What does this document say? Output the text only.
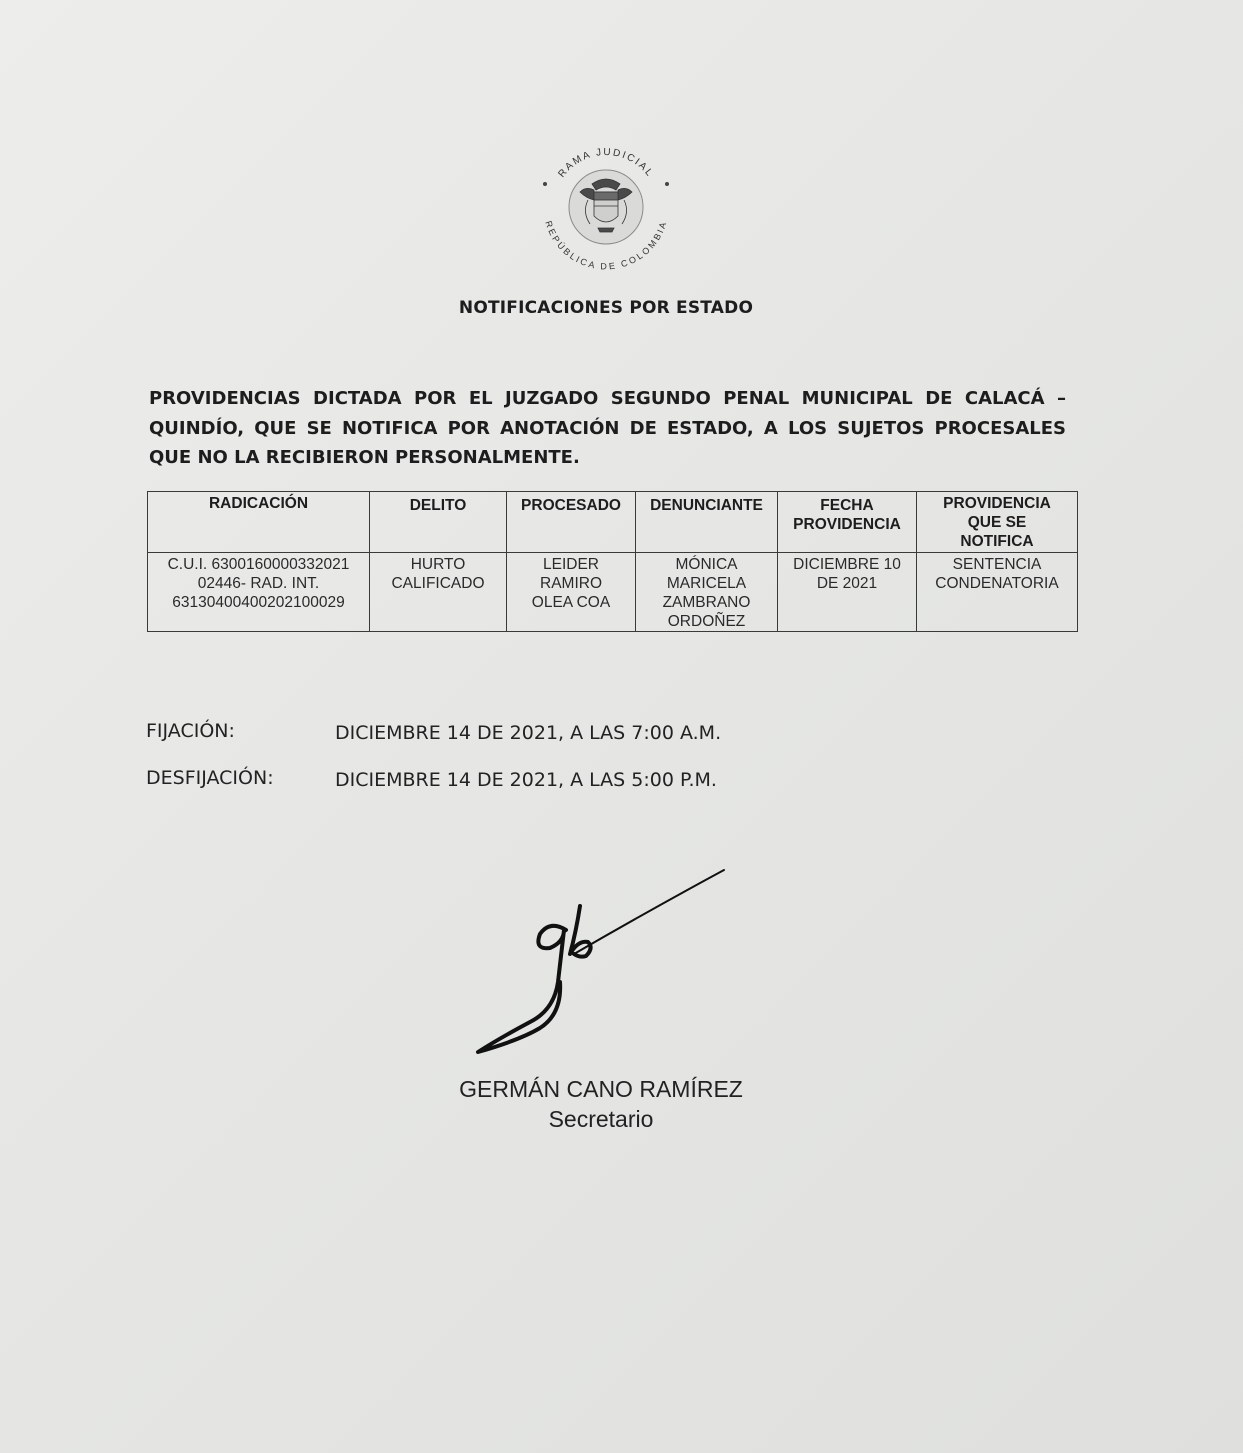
RAMA JUDICIAL
REPÚBLICA DE COLOMBIA
NOTIFICACIONES POR ESTADO

PROVIDENCIAS DICTADA POR EL JUZGADO SEGUNDO PENAL MUNICIPAL DE CALACÁ – QUINDÍO, QUE SE NOTIFICA POR ANOTACIÓN DE ESTADO, A LOS SUJETOS PROCESALES QUE NO LA RECIBIERON PERSONALMENTE.

RADICACIÓN	DELITO	PROCESADO	DENUNCIANTE	FECHA PROVIDENCIA	PROVIDENCIA QUE SE NOTIFICA
C.U.I. 6300160000332021 02446- RAD. INT. 63130400400202100029	HURTO CALIFICADO	LEIDER RAMIRO OLEA COA	MÓNICA MARICELA ZAMBRANO ORDOÑEZ	DICIEMBRE 10 DE 2021	SENTENCIA CONDENATORIA
FIJACIÓN:	DICIEMBRE 14 DE 2021, A LAS 7:00 A.M.
DESFIJACIÓN:	DICIEMBRE 14 DE 2021, A LAS 5:00 P.M.
GERMÁN CANO RAMÍREZ
Secretario
